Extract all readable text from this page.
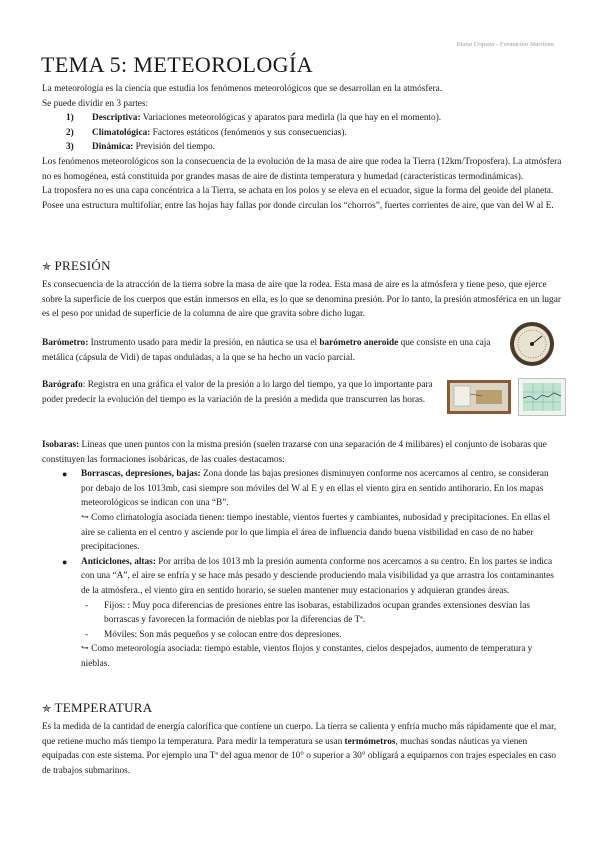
Diana Urquiza - Formación Marítima
TEMA 5: METEOROLOGÍA

La meteorología es la ciencia que estudia los fenómenos meteorológicos que se desarrollan en la atmósfera.

Se puede dividir en 3 partes:

1) Descriptiva: Variaciones meteorológicas y aparatos para medirla (la que hay en el momento).
2) Climatológica: Factores estáticos (fenómenos y sus consecuencias).
3) Dinámica: Previsión del tiempo.

Los fenómenos meteorológicos son la consecuencia de la evolución de la masa de aire que rodea la Tierra (12km/Troposfera). La atmósfera no es homogénea, está constituida por grandes masas de aire de distinta temperatura y humedad (características termodinámicas).

La troposfera no es una capa concéntrica a la Tierra, se achata en los polos y se eleva en el ecuador, sigue la forma del geoide del planeta. Posee una estructura multifoliar, entre las hojas hay fallas por donde circulan los “chorros”, fuertes corrientes de aire, que van del W al E.

✯ PRESIÓN

Es consecuencia de la atracción de la tierra sobre la masa de aire que la rodea. Esta masa de aire es la atmósfera y tiene peso, que ejerce sobre la superficie de los cuerpos que están inmersos en ella, es lo que se denomina presión. Por lo tanto, la presión atmosférica en un lugar es el peso por unidad de superficie de la columna de aire que gravita sobre dicho lugar.

Barómetro: Instrumento usado para medir la presión, en náutica se usa el barómetro aneroide que consiste en una caja metálica (cápsula de Vidi) de tapas onduladas, a la que se ha hecho un vacío parcial.

Barógrafo: Registra en una gráfica el valor de la presión a lo largo del tiempo, ya que lo importante para poder predecir la evolución del tiempo es la variación de la presión a medida que transcurren las horas.

Isobaras: Líneas que unen puntos con la misma presión (suelen trazarse con una separación de 4 milibares) el conjunto de isobaras que constituyen las formaciones isobáricas, de las cuales destacamos:

● Borrascas, depresiones, bajas: Zona donde las bajas presiones disminuyen conforme nos acercamos al centro, se consideran por debajo de los 1013mb, casi siempre son móviles del W al E y en ellas el viento gira en sentido antihorario. En los mapas meteorológicos se indican con una “B”.

↪ Como climatología asociada tienen: tiempo inestable, vientos fuertes y cambiantes, nubosidad y precipitaciones. En ellas el aire se calienta en el centro y asciende por lo que limpia el área de influencia dando buena visibilidad en caso de no haber precipitaciones.

● Anticiclones, altas: Por arriba de los 1013 mb la presión aumenta conforme nos acercamos a su centro. En los partes se indica con una “A”, el aire se enfría y se hace más pesado y desciende produciendo mala visibilidad ya que arrastra los contaminantes de la atmósfera., el viento gira en sentido horario, se suelen mantener muy estacionarios y adquieran grandes áreas.
- Fijos: : Muy poca diferencias de presiones entre las isobaras, estabilizados ocupan grandes extensiones desvían las borrascas y favorecen la formación de nieblas por la diferencias de Tª.
- Móviles: Son más pequeños y se colocan entre dos depresiones.

↪ Como meteorología asociada: tiempo estable, vientos flojos y constantes, cielos despejados, aumento de temperatura y nieblas.

✯ TEMPERATURA

Es la medida de la cantidad de energía calorífica que contiene un cuerpo. La tierra se calienta y enfría mucho más rápidamente que el mar, que retiene mucho más tiempo la temperatura. Para medir la temperatura se usan termómetros, muchas sondas náuticas ya vienen equipadas con este sistema. Por ejemplo una Tª del agua menor de 10° o superior a 30° obligará a equiparnos con trajes especiales en caso de trabajos submarinos.
